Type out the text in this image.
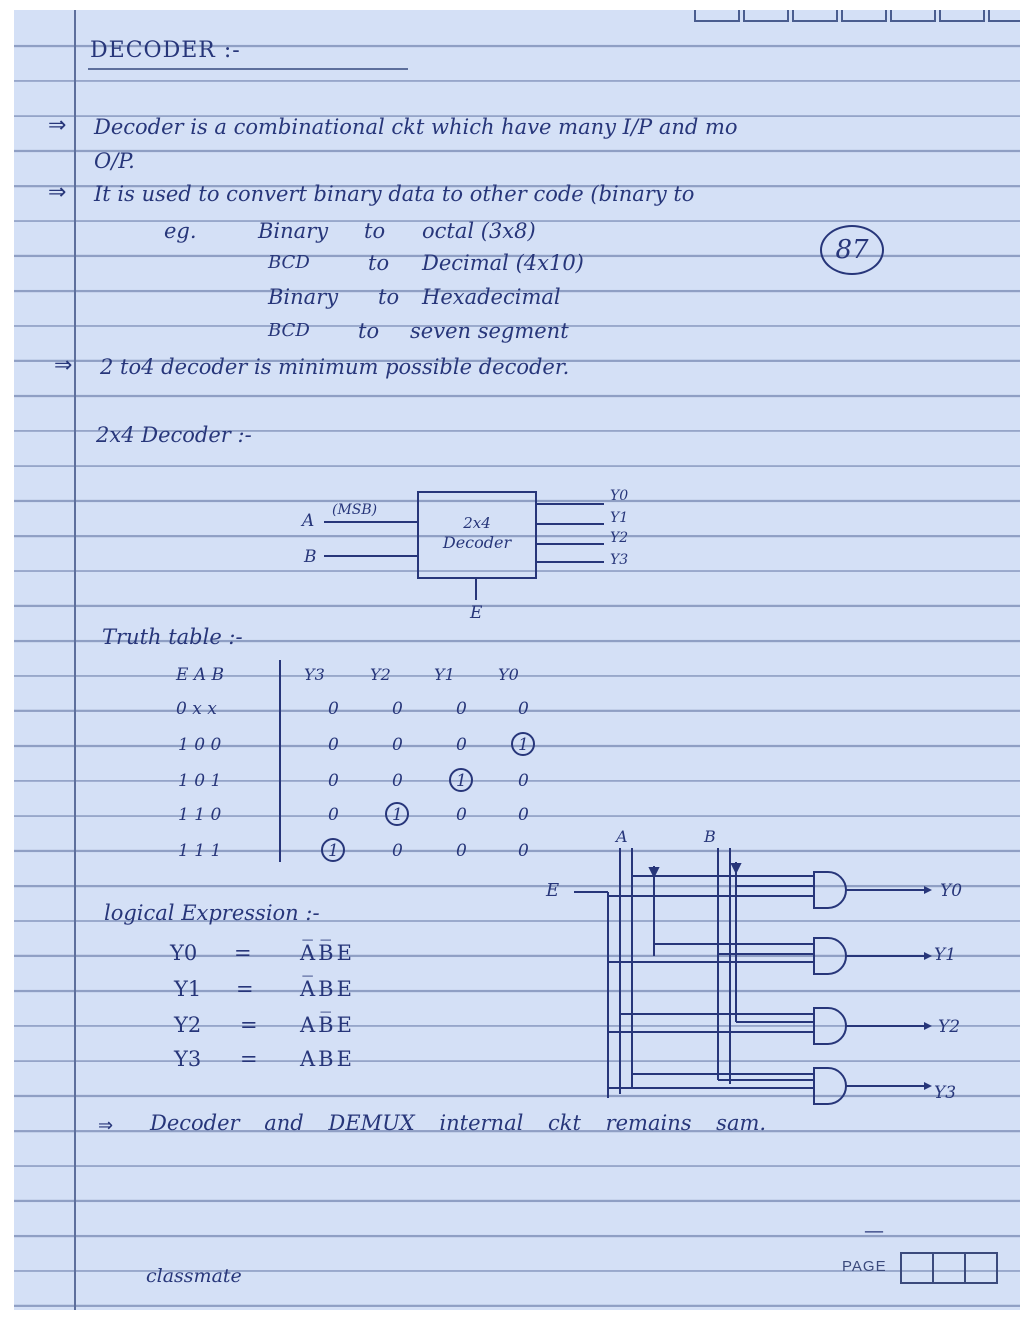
DECODER :-
⇒ Decoder is a combinational ckt which have many I/P and mo
O/P.
⇒ It is used to convert binary data to other code (binary to
eg.	Binary to octal (3x8)
BCD	to Decimal (4x10)
Binary to Hexadecimal
BCD to seven segment
87
⇒ 2 to4 decoder is minimum possible decoder.
2x4 Decoder :-
A
(MSB)
B
2x4
Decoder
E
Y0
Y1
Y2
Y3
Truth table :-
E A B	Y3	Y2	Y1	Y0
0 x x	0	0	0	0
1 0 0	0	0	0	1
1 0 1	0	0	1	0
1 1 0	0	1	0	0
1 1 1	1	0	0	0
logical Expression :-
Y0 = A̅B̅E
Y1 = A̅BE
Y2 = AB̅E
Y3 = ABE
A	B
E	Y0
Y1
Y2
Y3
⇒ Decoder and DEMUX internal ckt remains sam.
—
classmate	PAGE
